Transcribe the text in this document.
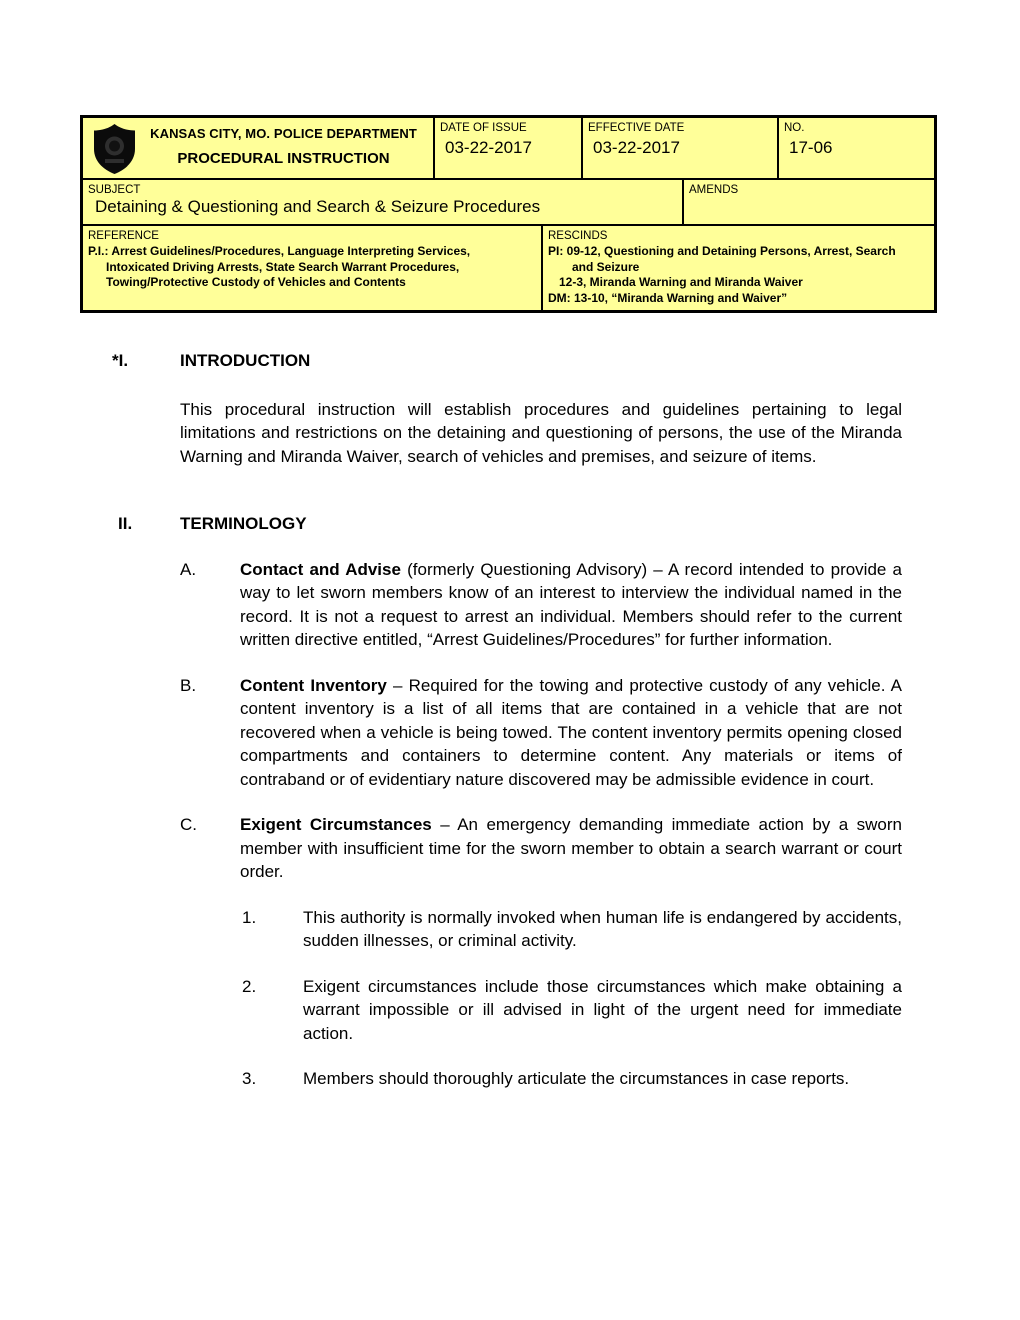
KANSAS CITY, MO. POLICE DEPARTMENT
PROCEDURAL INSTRUCTION
DATE OF ISSUE
03-22-2017
EFFECTIVE DATE
03-22-2017
NO.
17-06
SUBJECT
Detaining & Questioning and Search & Seizure Procedures
AMENDS
REFERENCE
P.I.: Arrest Guidelines/Procedures, Language Interpreting Services,
Intoxicated Driving Arrests, State Search Warrant Procedures,
Towing/Protective Custody of Vehicles and Contents
RESCINDS
PI: 09-12, Questioning and Detaining Persons, Arrest, Search
and Seizure
12-3, Miranda Warning and Miranda Waiver
DM: 13-10, “Miranda Warning and Waiver”
*I.	INTRODUCTION
This procedural instruction will establish procedures and guidelines pertaining to legal limitations and restrictions on the detaining and questioning of persons, the use of the Miranda Warning and Miranda Waiver, search of vehicles and premises, and seizure of items.
II.	TERMINOLOGY
A.	Contact and Advise (formerly Questioning Advisory) – A record intended to provide a way to let sworn members know of an interest to interview the individual named in the record. It is not a request to arrest an individual. Members should refer to the current written directive entitled, “Arrest Guidelines/Procedures” for further information.
B.	Content Inventory – Required for the towing and protective custody of any vehicle. A content inventory is a list of all items that are contained in a vehicle that are not recovered when a vehicle is being towed. The content inventory permits opening closed compartments and containers to determine content. Any materials or items of contraband or of evidentiary nature discovered may be admissible evidence in court.
C.	Exigent Circumstances – An emergency demanding immediate action by a sworn member with insufficient time for the sworn member to obtain a search warrant or court order.
1.	This authority is normally invoked when human life is endangered by accidents, sudden illnesses, or criminal activity.
2.	Exigent circumstances include those circumstances which make obtaining a warrant impossible or ill advised in light of the urgent need for immediate action.
3.	Members should thoroughly articulate the circumstances in case reports.
